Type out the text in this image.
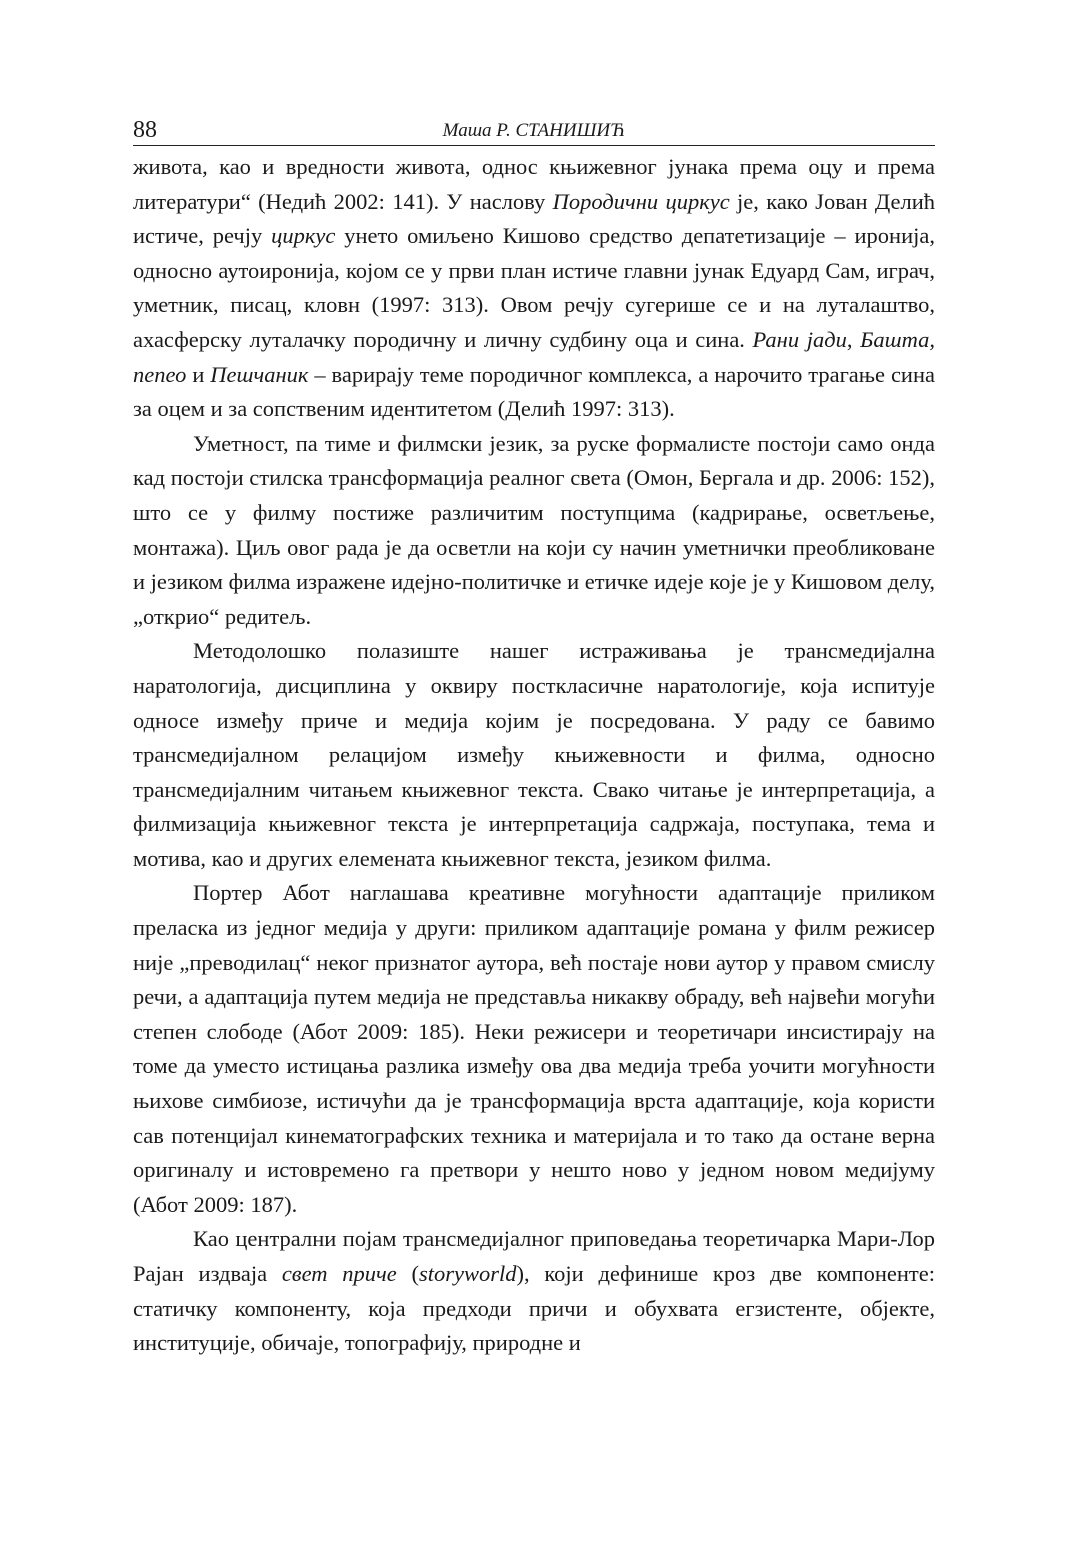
88	Маша Р. СТАНИШИЋ

живота, као и вредности живота, однос књижевног јунака према оцу и према литератури“ (Недић 2002: 141). У наслову Породични циркус је, како Јован Делић истиче, речју циркус унето омиљено Кишово средство депатетизације – иронија, односно аутоиронија, којом се у први план истиче главни јунак Едуард Сам, играч, уметник, писац, кловн (1997: 313). Овом речју сугерише се и на луталаштво, ахасферску луталачку породичну и личну судбину оца и сина. Рани јади, Башта, пепео и Пешчаник – варирају теме породичног комплекса, а нарочито трагање сина за оцем и за сопственим идентитетом (Делић 1997: 313).

Уметност, па тиме и филмски језик, за руске формалисте постоји само онда кад постоји стилска трансформација реалног света (Омон, Бергала и др. 2006: 152), што се у филму постиже различитим поступцима (кадрирање, осветљење, монтажа). Циљ овог рада је да осветли на који су начин уметнички преобликоване и језиком филма изражене идејно-политичке и етичке идеје које је у Кишовом делу, „открио“ редитељ.

Методолошко полазиште нашег истраживања је трансмедијална наратологија, дисциплина у оквиру посткласичне наратологије, која испитује односе између приче и медија којим је посредована. У раду се бавимо трансмедијалном релацијом између књижевности и филма, односно трансмедијалним читањем књижевног текста. Свако читање је интерпретација, а филмизација књижевног текста је интерпретација садржаја, поступака, тема и мотива, као и других елемената књижевног текста, језиком филма.

Портер Абот наглашава креативне могућности адаптације приликом преласка из једног медија у други: приликом адаптације романа у филм режисер није „преводилац“ неког признатог аутора, већ постаје нови аутор у правом смислу речи, а адаптација путем медија не представља никакву обраду, већ највећи могући степен слободе (Абот 2009: 185). Неки режисери и теоретичари инсистирају на томе да уместо истицања разлика између ова два медија треба уочити могућности њихове симбиозе, истичући да је трансформација врста адаптације, која користи сав потенцијал кинематографских техника и материјала и то тако да остане верна оригиналу и истовремено га претвори у нешто ново у једном новом медијуму (Абот 2009: 187).

Као централни појам трансмедијалног приповедања теоретичарка Мари-Лор Рајан издваја свет приче (storyworld), који дефинише кроз две компоненте: статичку компоненту, која предходи причи и обухвата егзистенте, објекте, институције, обичаје, топографију, природне и
